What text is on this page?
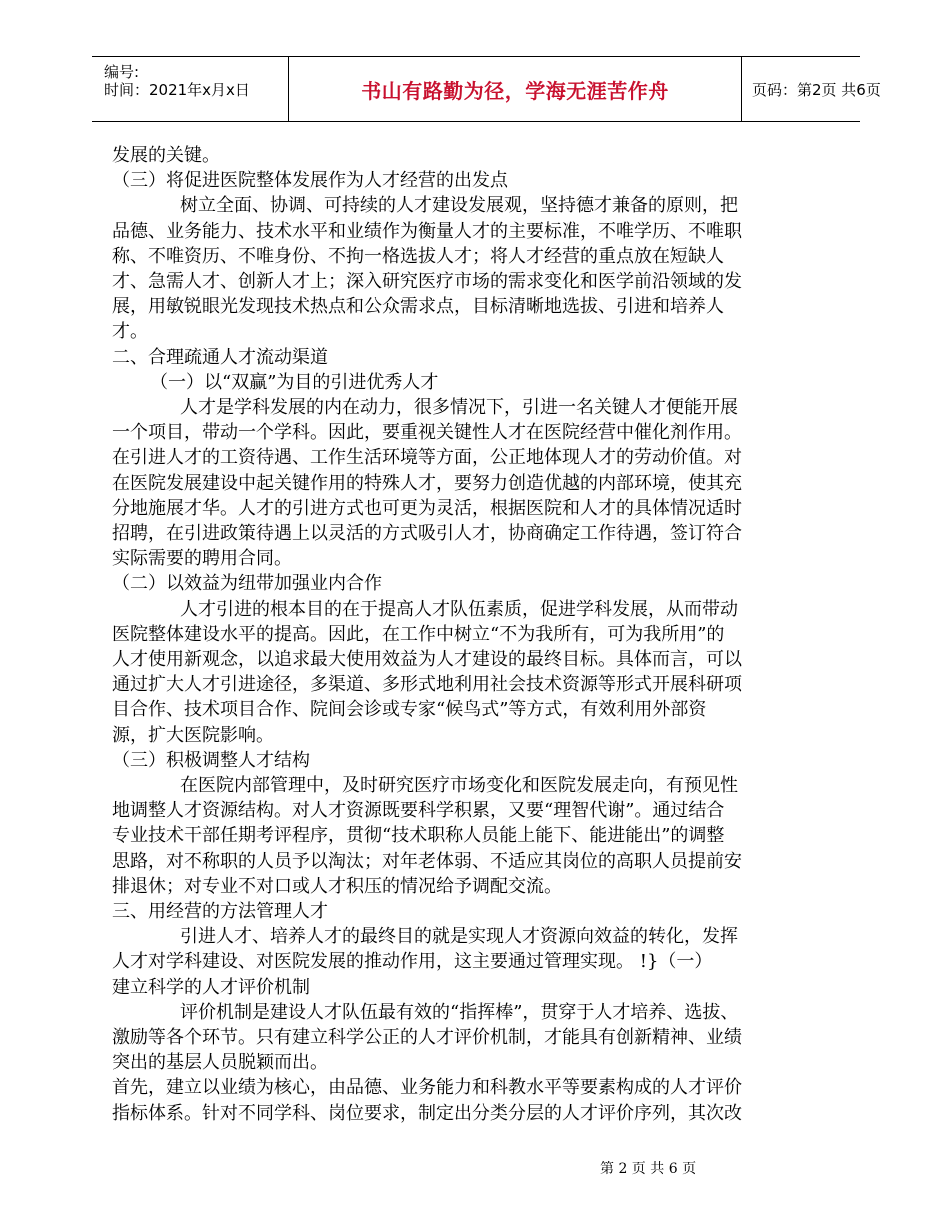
编号:
时间：2021年x月x日	书山有路勤为径，学海无涯苦作舟	页码：第2页 共6页
发展的关键。
（三）将促进医院整体发展作为人才经营的出发点
树立全面、协调、可持续的人才建设发展观，坚持德才兼备的原则，把
品德、业务能力、技术水平和业绩作为衡量人才的主要标准，不唯学历、不唯职
称、不唯资历、不唯身份、不拘一格选拔人才；将人才经营的重点放在短缺人
才、急需人才、创新人才上；深入研究医疗市场的需求变化和医学前沿领域的发
展，用敏锐眼光发现技术热点和公众需求点，目标清晰地选拔、引进和培养人
才。
二、合理疏通人才流动渠道
（一）以“双赢”为目的引进优秀人才
人才是学科发展的内在动力，很多情况下，引进一名关键人才便能开展
一个项目，带动一个学科。因此，要重视关键性人才在医院经营中催化剂作用。
在引进人才的工资待遇、工作生活环境等方面，公正地体现人才的劳动价值。对
在医院发展建设中起关键作用的特殊人才，要努力创造优越的内部环境，使其充
分地施展才华。人才的引进方式也可更为灵活，根据医院和人才的具体情况适时
招聘，在引进政策待遇上以灵活的方式吸引人才，协商确定工作待遇，签订符合
实际需要的聘用合同。
（二）以效益为纽带加强业内合作
人才引进的根本目的在于提高人才队伍素质，促进学科发展，从而带动
医院整体建设水平的提高。因此，在工作中树立“不为我所有，可为我所用”的
人才使用新观念，以追求最大使用效益为人才建设的最终目标。具体而言，可以
通过扩大人才引进途径，多渠道、多形式地利用社会技术资源等形式开展科研项
目合作、技术项目合作、院间会诊或专家“候鸟式”等方式，有效利用外部资
源，扩大医院影响。
（三）积极调整人才结构
在医院内部管理中，及时研究医疗市场变化和医院发展走向，有预见性
地调整人才资源结构。对人才资源既要科学积累，又要“理智代谢”。通过结合
专业技术干部任期考评程序，贯彻“技术职称人员能上能下、能进能出”的调整
思路，对不称职的人员予以淘汰；对年老体弱、不适应其岗位的高职人员提前安
排退休；对专业不对口或人才积压的情况给予调配交流。
三、用经营的方法管理人才
引进人才、培养人才的最终目的就是实现人才资源向效益的转化，发挥
人才对学科建设、对医院发展的推动作用，这主要通过管理实现。 !}（一）
建立科学的人才评价机制
评价机制是建设人才队伍最有效的“指挥棒”，贯穿于人才培养、选拔、
激励等各个环节。只有建立科学公正的人才评价机制，才能具有创新精神、业绩
突出的基层人员脱颖而出。
首先，建立以业绩为核心，由品德、业务能力和科教水平等要素构成的人才评价
指标体系。针对不同学科、岗位要求，制定出分类分层的人才评价序列，其次改
第 2 页 共 6 页
